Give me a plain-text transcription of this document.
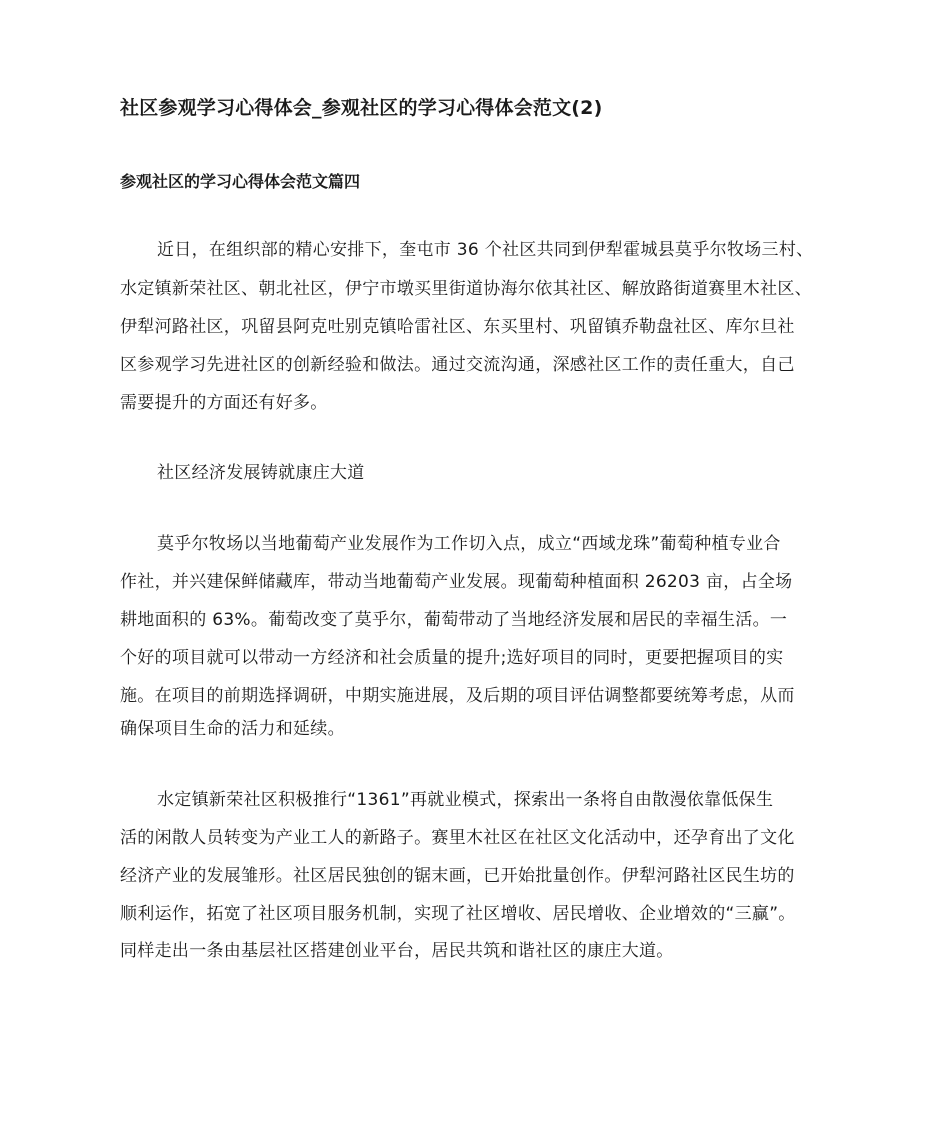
社区参观学习心得体会_参观社区的学习心得体会范文(2)
参观社区的学习心得体会范文篇四
近日，在组织部的精心安排下，奎屯市 36 个社区共同到伊犁霍城县莫乎尔牧场三村、
水定镇新荣社区、朝北社区，伊宁市墩买里街道协海尔依其社区、解放路街道赛里木社区、
伊犁河路社区，巩留县阿克吐别克镇哈雷社区、东买里村、巩留镇乔勒盘社区、库尔旦社
区参观学习先进社区的创新经验和做法。通过交流沟通，深感社区工作的责任重大，自己
需要提升的方面还有好多。
社区经济发展铸就康庄大道
莫乎尔牧场以当地葡萄产业发展作为工作切入点，成立“西域龙珠”葡萄种植专业合
作社，并兴建保鲜储藏库，带动当地葡萄产业发展。现葡萄种植面积 26203 亩，占全场
耕地面积的 63%。葡萄改变了莫乎尔，葡萄带动了当地经济发展和居民的幸福生活。一
个好的项目就可以带动一方经济和社会质量的提升;选好项目的同时，更要把握项目的实
施。在项目的前期选择调研，中期实施进展，及后期的项目评估调整都要统筹考虑，从而
确保项目生命的活力和延续。
水定镇新荣社区积极推行“1361”再就业模式，探索出一条将自由散漫依靠低保生
活的闲散人员转变为产业工人的新路子。赛里木社区在社区文化活动中，还孕育出了文化
经济产业的发展雏形。社区居民独创的锯末画，已开始批量创作。伊犁河路社区民生坊的
顺利运作，拓宽了社区项目服务机制，实现了社区增收、居民增收、企业增效的“三赢”。
同样走出一条由基层社区搭建创业平台，居民共筑和谐社区的康庄大道。
